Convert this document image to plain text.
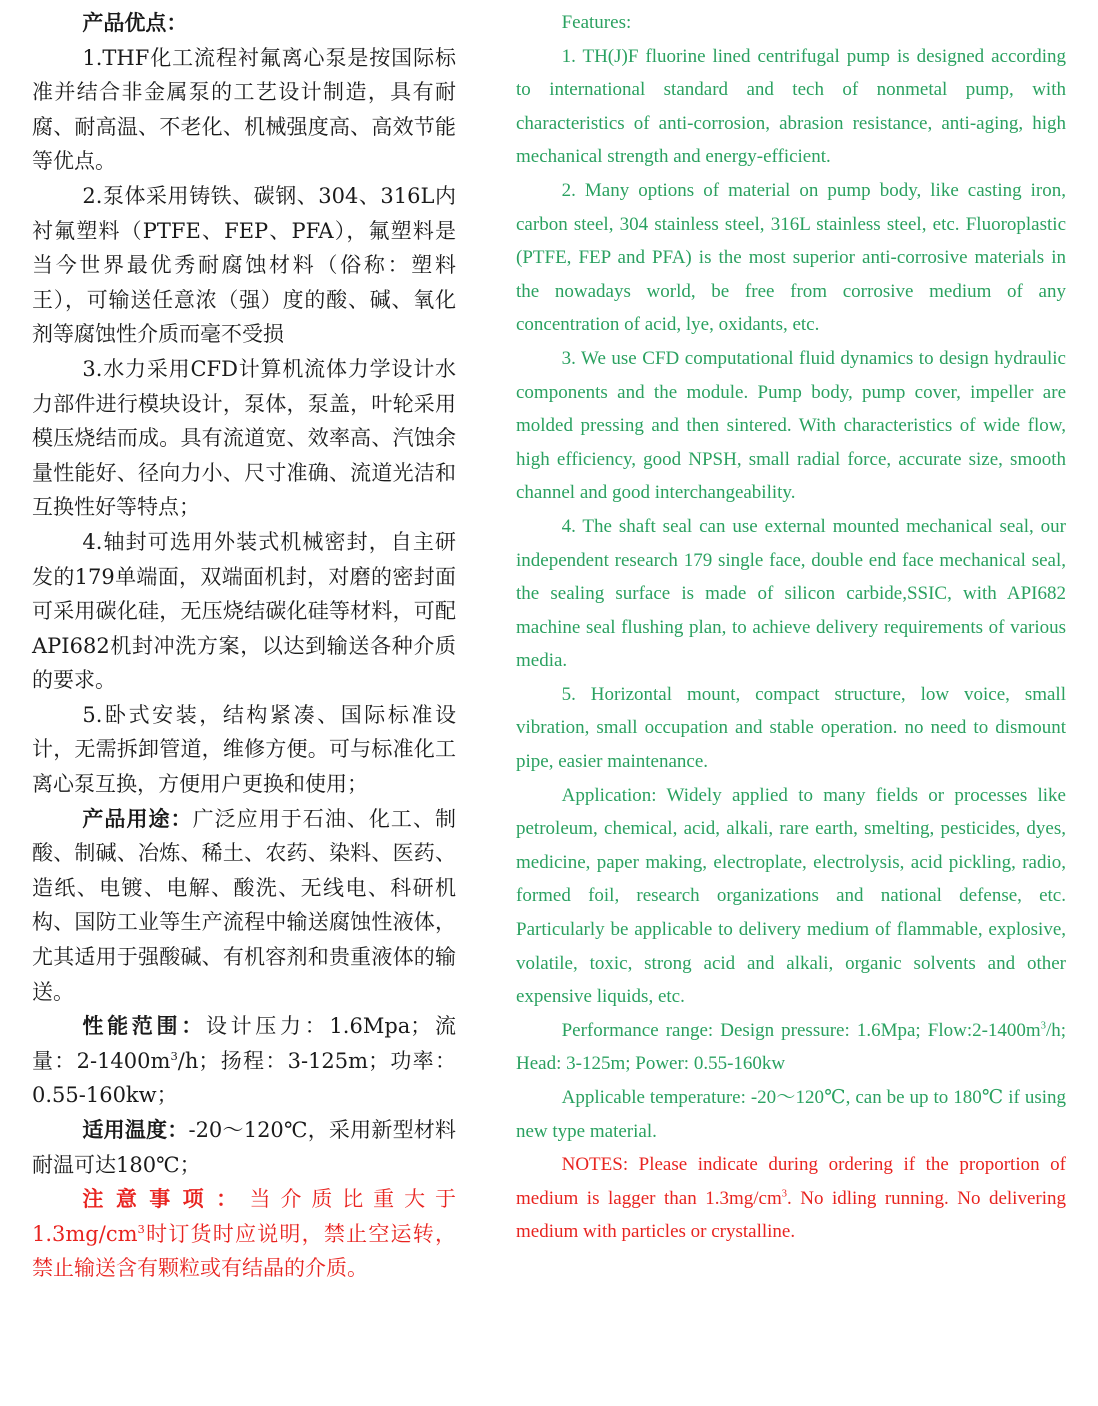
产品优点：

1.THF化工流程衬氟离心泵是按国际标准并结合非金属泵的工艺设计制造，具有耐腐、耐高温、不老化、机械强度高、高效节能等优点。

2.泵体采用铸铁、碳钢、304、316L内衬氟塑料（PTFE、FEP、PFA），氟塑料是当今世界最优秀耐腐蚀材料（俗称：塑料王），可输送任意浓（强）度的酸、碱、氧化剂等腐蚀性介质而毫不受损

3.水力采用CFD计算机流体力学设计水力部件进行模块设计，泵体，泵盖，叶轮采用模压烧结而成。具有流道宽、效率高、汽蚀余量性能好、径向力小、尺寸准确、流道光洁和互换性好等特点；

4.轴封可选用外装式机械密封，自主研发的179单端面，双端面机封，对磨的密封面可采用碳化硅，无压烧结碳化硅等材料，可配API682机封冲洗方案，以达到输送各种介质的要求。

5.卧式安装，结构紧凑、国际标准设计，无需拆卸管道，维修方便。可与标准化工离心泵互换，方便用户更换和使用；

产品用途：广泛应用于石油、化工、制酸、制碱、冶炼、稀土、农药、染料、医药、造纸、电镀、电解、酸洗、无线电、科研机构、国防工业等生产流程中输送腐蚀性液体，尤其适用于强酸碱、有机容剂和贵重液体的输送。

性能范围：设计压力：1.6Mpa；流量：$2-1400m^3/h$；扬程：3-125m；功率：0.55-160kw；

适用温度：-20～120℃，采用新型材料耐温可达180℃；

注意事项：当介质比重大于$1.3mg/cm^3$时订货时应说明，禁止空运转，禁止输送含有颗粒或有结晶的介质。

Features:

1. TH(J)F fluorine lined centrifugal pump is designed according to international standard and tech of nonmetal pump, with characteristics of anti-corrosion, abrasion resistance, anti-aging, high mechanical strength and energy-efficient.

2. Many options of material on pump body, like casting iron, carbon steel, 304 stainless steel, 316L stainless steel, etc. Fluoroplastic (PTFE, FEP and PFA) is the most superior anti-corrosive materials in the nowadays world, be free from corrosive medium of any concentration of acid, lye, oxidants, etc.

3. We use CFD computational fluid dynamics to design hydraulic components and the module. Pump body, pump cover, impeller are molded pressing and then sintered. With characteristics of wide flow, high efficiency, good NPSH, small radial force, accurate size, smooth channel and good interchangeability.

4. The shaft seal can use external mounted mechanical seal, our independent research 179 single face, double end face mechanical seal, the sealing surface is made of silicon carbide,SSIC, with API682 machine seal flushing plan, to achieve delivery requirements of various media.

5. Horizontal mount, compact structure, low voice, small vibration, small occupation and stable operation. no need to dismount pipe, easier maintenance.

Application: Widely applied to many fields or processes like petroleum, chemical, acid, alkali, rare earth, smelting, pesticides, dyes, medicine, paper making, electroplate, electrolysis, acid pickling, radio, formed foil, research organizations and national defense, etc. Particularly be applicable to delivery medium of flammable, explosive, volatile, toxic, strong acid and alkali, organic solvents and other expensive liquids, etc.

Performance range: Design pressure: 1.6Mpa; $Flow:2-1400m^3/h$; Head: 3-125m; Power: 0.55-160kw

Applicable temperature: -20～120℃, can be up to 180℃ if using new type material.

NOTES: Please indicate during ordering if the proportion of medium is lagger than $1.3mg/cm^3$. No idling running. No delivering medium with particles or crystalline.
